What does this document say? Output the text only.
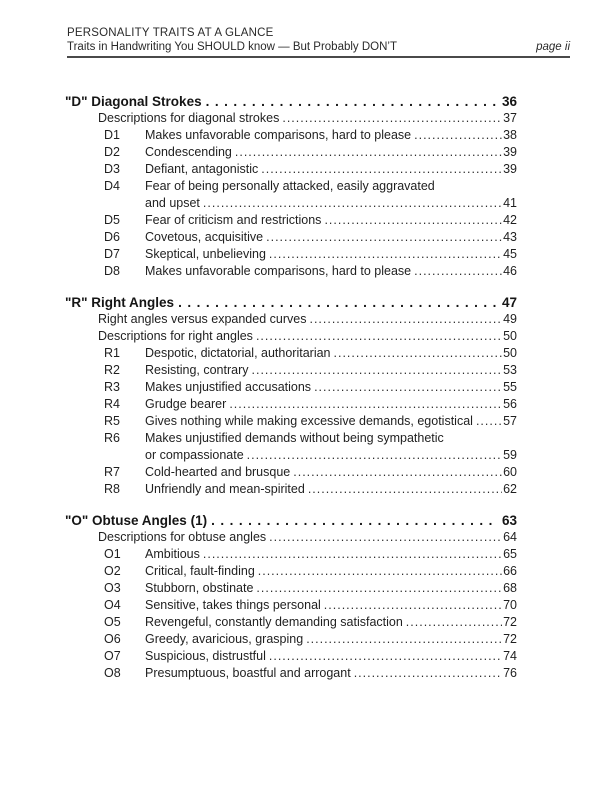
PERSONALITY TRAITS AT A GLANCE
Traits in Handwriting You SHOULD know — But Probably DON’T	page ii
"D" Diagonal Strokes .....	36
Descriptions for diagonal strokes .....	37
D1	Makes unfavorable comparisons, hard to please .....	38
D2	Condescending .....	39
D3	Defiant, antagonistic .....	39
D4	Fear of being personally attacked, easily aggravated
and upset .....	41
D5	Fear of criticism and restrictions .....	42
D6	Covetous, acquisitive .....	43
D7	Skeptical, unbelieving .....	45
D8	Makes unfavorable comparisons, hard to please .....	46
"R" Right Angles .....	47
Right angles versus expanded curves .....	49
Descriptions for right angles .....	50
R1	Despotic, dictatorial, authoritarian .....	50
R2	Resisting, contrary .....	53
R3	Makes unjustified accusations .....	55
R4	Grudge bearer .....	56
R5	Gives nothing while making excessive demands, egotistical ..... 57
R6	Makes unjustified demands without being sympathetic
or compassionate .....	59
R7	Cold-hearted and brusque .....	60
R8	Unfriendly and mean-spirited .....	62
"O" Obtuse Angles (1) .....	63
Descriptions for obtuse angles .....	64
O1	Ambitious .....	65
O2	Critical, fault-finding .....	66
O3	Stubborn, obstinate .....	68
O4	Sensitive, takes things personal .....	70
O5	Revengeful, constantly demanding satisfaction .....	72
O6	Greedy, avaricious, grasping .....	72
O7	Suspicious, distrustful .....	74
O8	Presumptuous, boastful and arrogant .....	76
